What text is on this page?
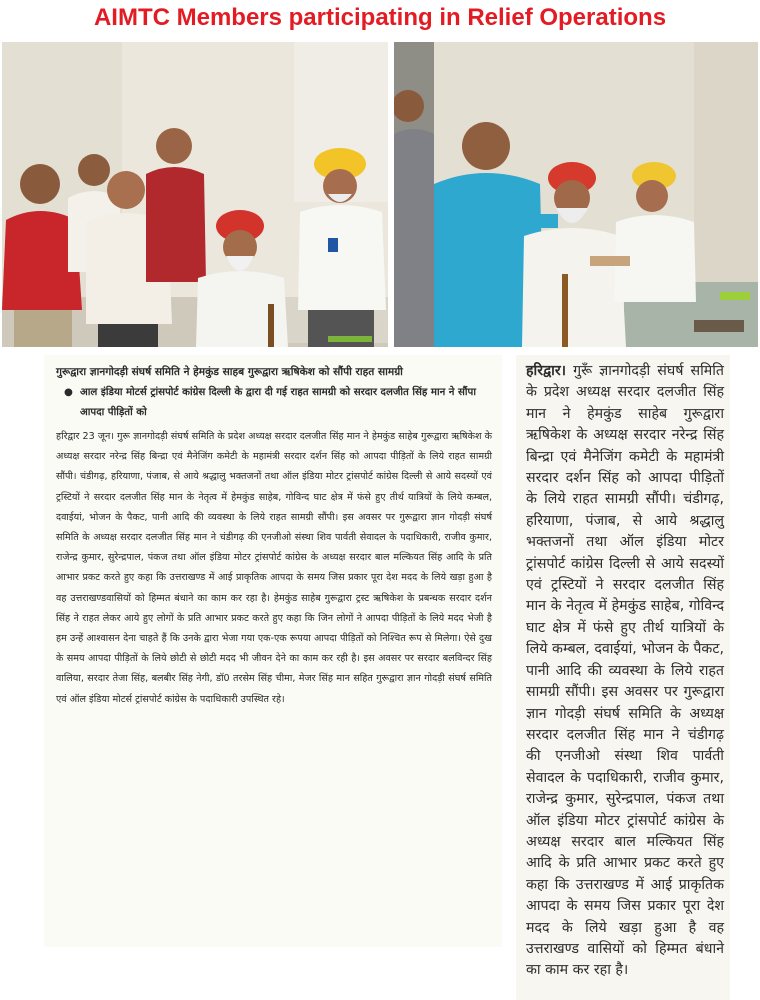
AIMTC Members participating in Relief Operations
गुरूद्वारा ज्ञानगोदड़ी संघर्ष समिति ने हेमकुंड साहब गुरूद्वारा ऋषिकेश को सौंपी राहत सामग्री
● आल इंडिया मोटर्स ट्रांसपोर्ट कांग्रेस दिल्ली के द्वारा दी गई राहत सामग्री को सरदार दलजीत सिंह मान ने सौंपा आपदा पीड़ितों को
हरिद्वार 23 जून। गुरू ज्ञानगोदड़ी संघर्ष समिति के प्रदेश अध्यक्ष सरदार दलजीत सिंह मान ने हेमकुंड साहेब गुरूद्वारा ऋषिकेश के अध्यक्ष सरदार नरेन्द्र सिंह बिन्द्रा एवं मैनेजिंग कमेटी के महामंत्री सरदार दर्शन सिंह को आपदा पीड़ितों के लिये राहत सामग्री सौंपी। चंडीगढ़, हरियाणा, पंजाब, से आये श्रद्धालु भक्तजनों तथा ऑल इंडिया मोटर ट्रांसपोर्ट कांग्रेस दिल्ली से आये सदस्यों एवं ट्रस्टियों ने सरदार दलजीत सिंह मान के नेतृत्व में हेमकुंड साहेब, गोविन्द घाट क्षेत्र में फंसे हुए तीर्थ यात्रियों के लिये कम्बल, दवाईयां, भोजन के पैकट, पानी आदि की व्यवस्था के लिये राहत सामग्री सौंपी। इस अवसर पर गुरूद्वारा ज्ञान गोदड़ी संघर्ष समिति के अध्यक्ष सरदार दलजीत सिंह मान ने चंडीगढ़ की एनजीओ संस्था शिव पार्वती सेवादल के पदाधिकारी, राजीव कुमार, राजेन्द्र कुमार, सुरेन्द्रपाल, पंकज तथा ऑल इंडिया मोटर ट्रांसपोर्ट कांग्रेस के अध्यक्ष सरदार बाल मल्कियत सिंह आदि के प्रति आभार प्रकट करते हुए कहा कि उत्तराखण्ड में आई प्राकृतिक आपदा के समय जिस प्रकार पूरा देश मदद के लिये खड़ा हुआ है वह उत्तराखण्डवासियों को हिम्मत बंधाने का काम कर रहा है। हेमकुंड साहेब गुरूद्वारा ट्रस्ट ऋषिकेश के प्रबन्धक सरदार दर्शन सिंह ने राहत लेकर आये हुए लोगों के प्रति आभार प्रकट करते हुए कहा कि जिन लोगों ने आपदा पीड़ितों के लिये मदद भेजी है हम उन्हें आश्वासन देना चाहते हैं कि उनके द्वारा भेजा गया एक-एक रूपया आपदा पीड़ितों को निश्चित रूप से मिलेगा। ऐसे दुख के समय आपदा पीड़ितों के लिये छोटी से छोटी मदद भी जीवन देने का काम कर रही है। इस अवसर पर सरदार बलविन्दर सिंह वालिया, सरदार तेजा सिंह, बलबीर सिंह नेगी, डॉ0 तरसेम सिंह चीमा, मेजर सिंह मान सहित गुरूद्वारा ज्ञान गोदड़ी संघर्ष समिति एवं ऑल इंडिया मोटर्स ट्रांसपोर्ट कांग्रेस के पदाधिकारी उपस्थित रहे।
हरिद्वार। गुरूँ ज्ञानगोदड़ी संघर्ष समिति के प्रदेश अध्यक्ष सरदार दलजीत सिंह मान ने हेमकुंड साहेब गुरूद्वारा ऋषिकेश के अध्यक्ष सरदार नरेन्द्र सिंह बिन्द्रा एवं मैनेजिंग कमेटी के महामंत्री सरदार दर्शन सिंह को आपदा पीड़ितों के लिये राहत सामग्री सौंपी। चंडीगढ़, हरियाणा, पंजाब, से आये श्रद्धालु भक्तजनों तथा ऑल इंडिया मोटर ट्रांसपोर्ट कांग्रेस दिल्ली से आये सदस्यों एवं ट्रस्टियों ने सरदार दलजीत सिंह मान के नेतृत्व में हेमकुंड साहेब, गोविन्द घाट क्षेत्र में फंसे हुए तीर्थ यात्रियों के लिये कम्बल, दवाईयां, भोजन के पैकट, पानी आदि की व्यवस्था के लिये राहत सामग्री सौंपी। इस अवसर पर गुरूद्वारा ज्ञान गोदड़ी संघर्ष समिति के अध्यक्ष सरदार दलजीत सिंह मान ने चंडीगढ़ की एनजीओ संस्था शिव पार्वती सेवादल के पदाधिकारी, राजीव कुमार, राजेन्द्र कुमार, सुरेन्द्रपाल, पंकज तथा ऑल इंडिया मोटर ट्रांसपोर्ट कांग्रेस के अध्यक्ष सरदार बाल मल्कियत सिंह आदि के प्रति आभार प्रकट करते हुए कहा कि उत्तराखण्ड में आई प्राकृतिक आपदा के समय जिस प्रकार पूरा देश मदद के लिये खड़ा हुआ है वह उत्तराखण्ड वासियों को हिम्मत बंधाने का काम कर रहा है।
